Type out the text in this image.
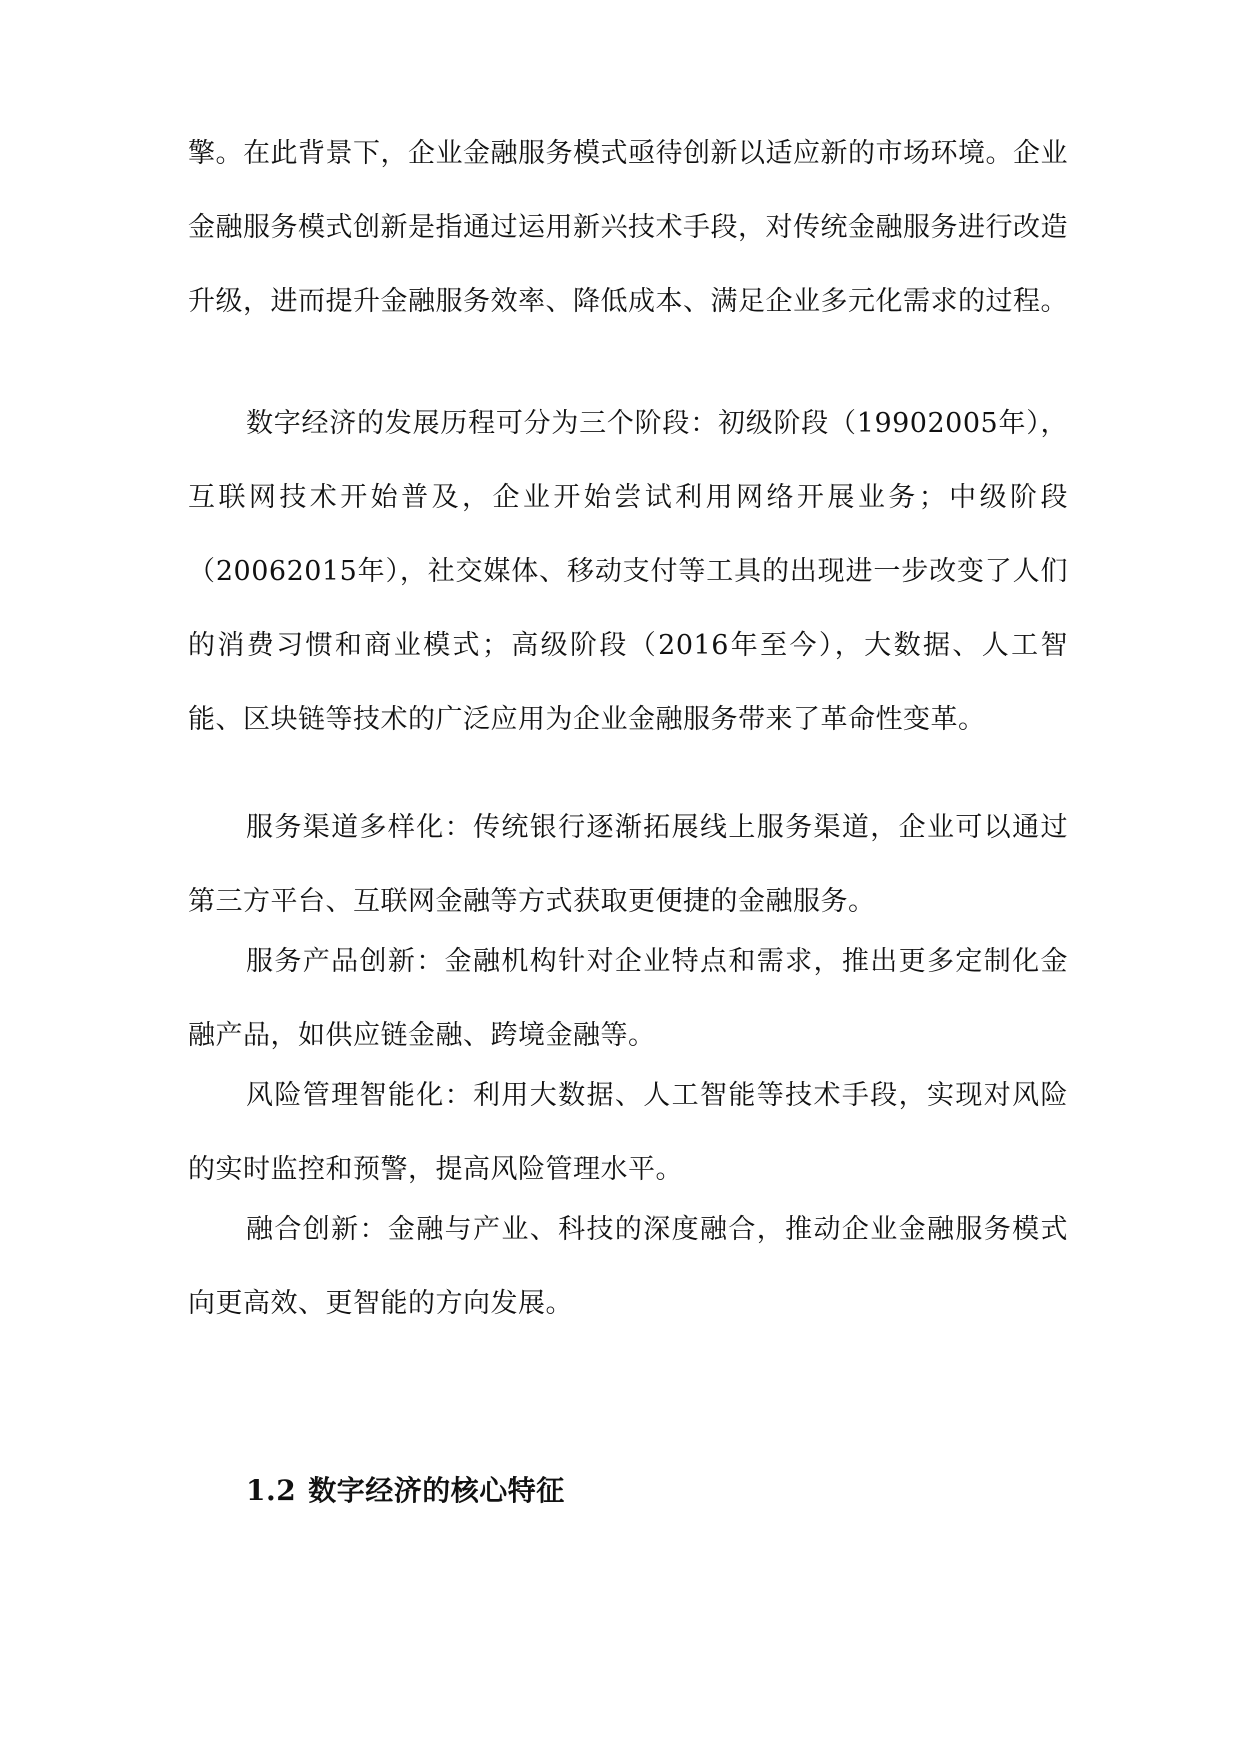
擎。在此背景下，企业金融服务模式亟待创新以适应新的市场环境。企业金融服务模式创新是指通过运用新兴技术手段，对传统金融服务进行改造升级，进而提升金融服务效率、降低成本、满足企业多元化需求的过程。

数字经济的发展历程可分为三个阶段：初级阶段（19902005年），互联网技术开始普及，企业开始尝试利用网络开展业务；中级阶段（20062015年），社交媒体、移动支付等工具的出现进一步改变了人们的消费习惯和商业模式；高级阶段（2016年至今），大数据、人工智能、区块链等技术的广泛应用为企业金融服务带来了革命性变革。

服务渠道多样化：传统银行逐渐拓展线上服务渠道，企业可以通过第三方平台、互联网金融等方式获取更便捷的金融服务。

服务产品创新：金融机构针对企业特点和需求，推出更多定制化金融产品，如供应链金融、跨境金融等。

风险管理智能化：利用大数据、人工智能等技术手段，实现对风险的实时监控和预警，提高风险管理水平。

融合创新：金融与产业、科技的深度融合，推动企业金融服务模式向更高效、更智能的方向发展。

1.2 数字经济的核心特征
